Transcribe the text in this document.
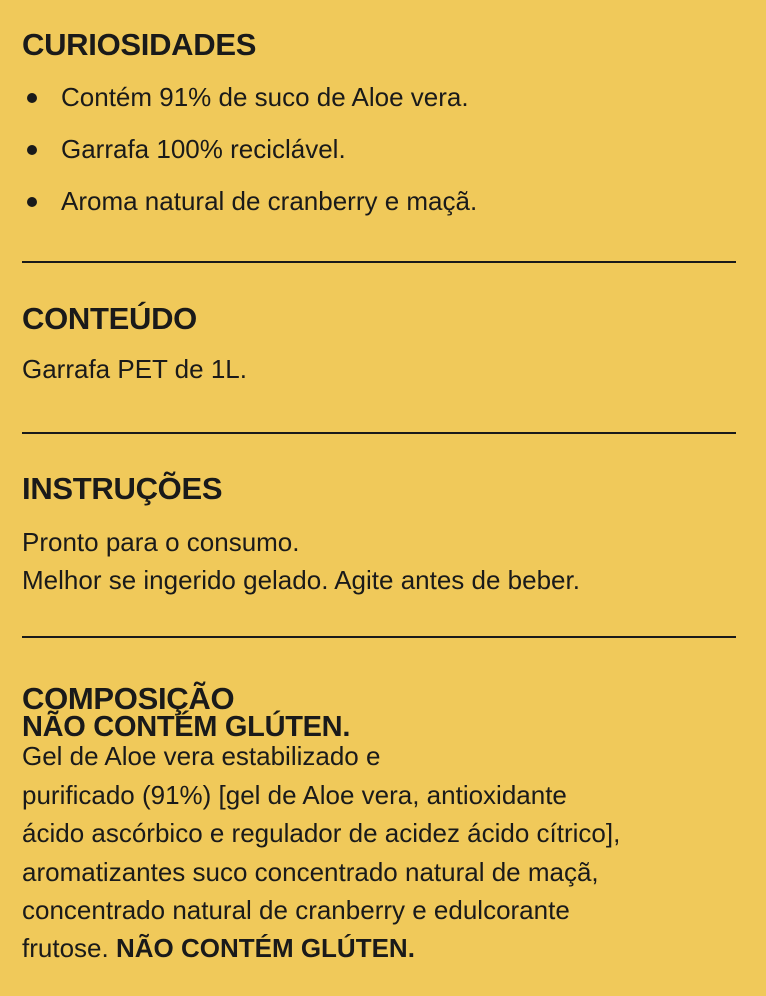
CURIOSIDADES
Contém 91% de suco de Aloe vera.
Garrafa 100% reciclável.
Aroma natural de cranberry e maçã.
CONTEÚDO
Garrafa PET de 1L.
INSTRUÇÕES
Pronto para o consumo.
Melhor se ingerido gelado. Agite antes de beber.
COMPOSIÇÃO
NÃO CONTÉM GLÚTEN.
Gel de Aloe vera estabilizado e
purificado (91%) [gel de Aloe vera, antioxidante
ácido ascórbico e regulador de acidez ácido cítrico],
aromatizantes suco concentrado natural de maçã,
concentrado natural de cranberry e edulcorante
frutose. NÃO CONTÉM GLÚTEN.
